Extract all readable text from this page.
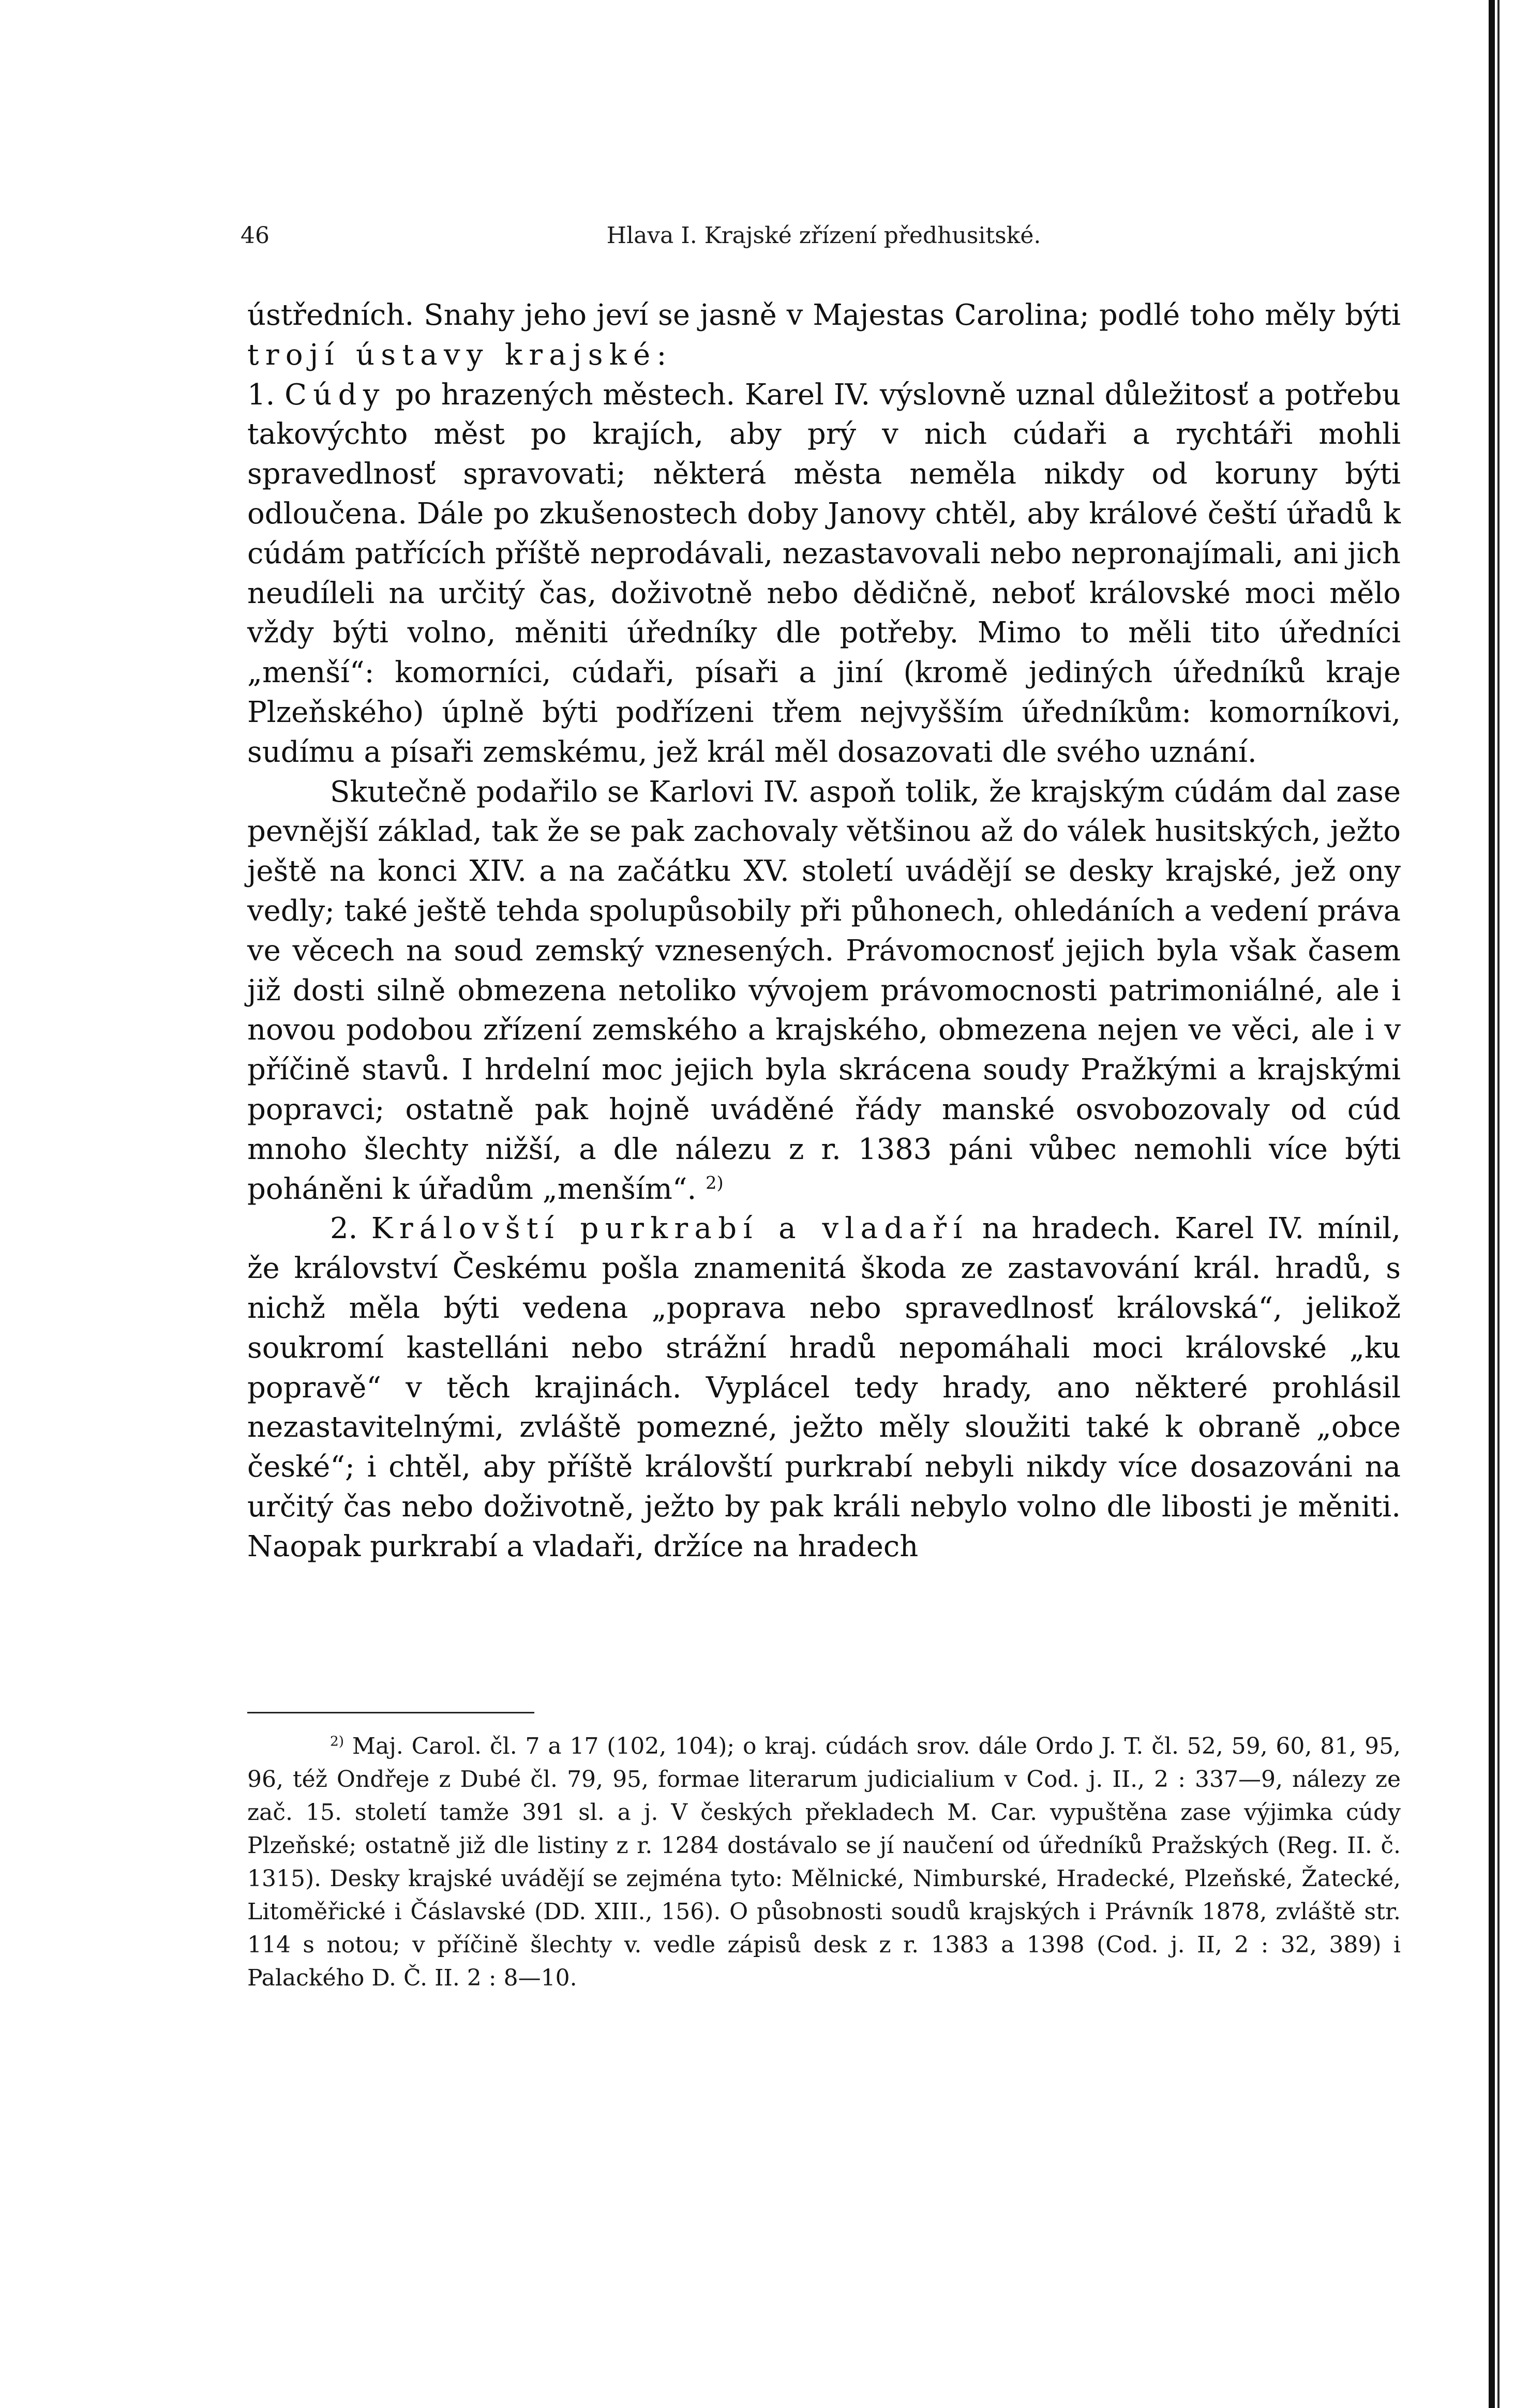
46	Hlava I. Krajské zřízení předhusitské.

ústředních. Snahy jeho jeví se jasně v Majestas Carolina; podlé toho měly býti trojí ústavy krajské:

1. Cúdy po hrazených městech. Karel IV. výslovně uznal důležitosť a potřebu takovýchto měst po krajích, aby prý v nich cúdaři a rychtáři mohli spravedlnosť spravovati; některá města neměla nikdy od koruny býti odloučena. Dále po zkušenostech doby Janovy chtěl, aby králové čeští úřadů k cúdám patřících příště neprodávali, nezastavovali nebo nepronajímali, ani jich neudíleli na určitý čas, doživotně nebo dědičně, neboť královské moci mělo vždy býti volno, měniti úředníky dle potřeby. Mimo to měli tito úředníci „menší“: komorníci, cúdaři, písaři a jiní (kromě jediných úředníků kraje Plzeňského) úplně býti podřízeni třem nejvyšším úředníkům: komorníkovi, sudímu a písaři zemskému, jež král měl dosazovati dle svého uznání.

Skutečně podařilo se Karlovi IV. aspoň tolik, že krajským cúdám dal zase pevnější základ, tak že se pak zachovaly většinou až do válek husitských, ježto ještě na konci XIV. a na začátku XV. století uvádějí se desky krajské, jež ony vedly; také ještě tehda spolupůsobily při půhonech, ohledáních a vedení práva ve věcech na soud zemský vznesených. Právomocnosť jejich byla však časem již dosti silně obmezena netoliko vývojem právomocnosti patrimoniálné, ale i novou podobou zřízení zemského a krajského, obmezena nejen ve věci, ale i v příčině stavů. I hrdelní moc jejich byla skrácena soudy Pražkými a krajskými popravci; ostatně pak hojně uváděné řády manské osvobozovaly od cúd mnoho šlechty nižší, a dle nálezu z r. 1383 páni vůbec nemohli více býti poháněni k úřadům „menším“. $^{2)}$

2. Královští purkrabí a vladaří na hradech. Karel IV. mínil, že království Českému pošla znamenitá škoda ze zastavování král. hradů, s nichž měla býti vedena „poprava nebo spravedlnosť královská“, jelikož soukromí kastelláni nebo strážní hradů nepomáhali moci královské „ku popravě“ v těch krajinách. Vyplácel tedy hrady, ano některé prohlásil nezastavitelnými, zvláště pomezné, ježto měly sloužiti také k obraně „obce české“; i chtěl, aby příště královští purkrabí nebyli nikdy více dosazováni na určitý čas nebo doživotně, ježto by pak králi nebylo volno dle libosti je měniti. Naopak purkrabí a vladaři, držíce na hradech

$^{2)}$ Maj. Carol. čl. 7 a 17 (102, 104); o kraj. cúdách srov. dále Ordo J. T. čl. 52, 59, 60, 81, 95, 96, též Ondřeje z Dubé čl. 79, 95, formae literarum judicialium v Cod. j. II., 2 : 337—9, nálezy ze zač. 15. století tamže 391 sl. a j. V českých překladech M. Car. vypuštěna zase výjimka cúdy Plzeňské; ostatně již dle listiny z r. 1284 dostávalo se jí naučení od úředníků Pražských (Reg. II. č. 1315). Desky krajské uvádějí se zejména tyto: Mělnické, Nimburské, Hradecké, Plzeňské, Žatecké, Litoměřické i Čáslavské (DD. XIII., 156). O působnosti soudů krajských i Právník 1878, zvláště str. 114 s notou; v příčině šlechty v. vedle zápisů desk z r. 1383 a 1398 (Cod. j. II, 2 : 32, 389) i Palackého D. Č. II. 2 : 8—10.
